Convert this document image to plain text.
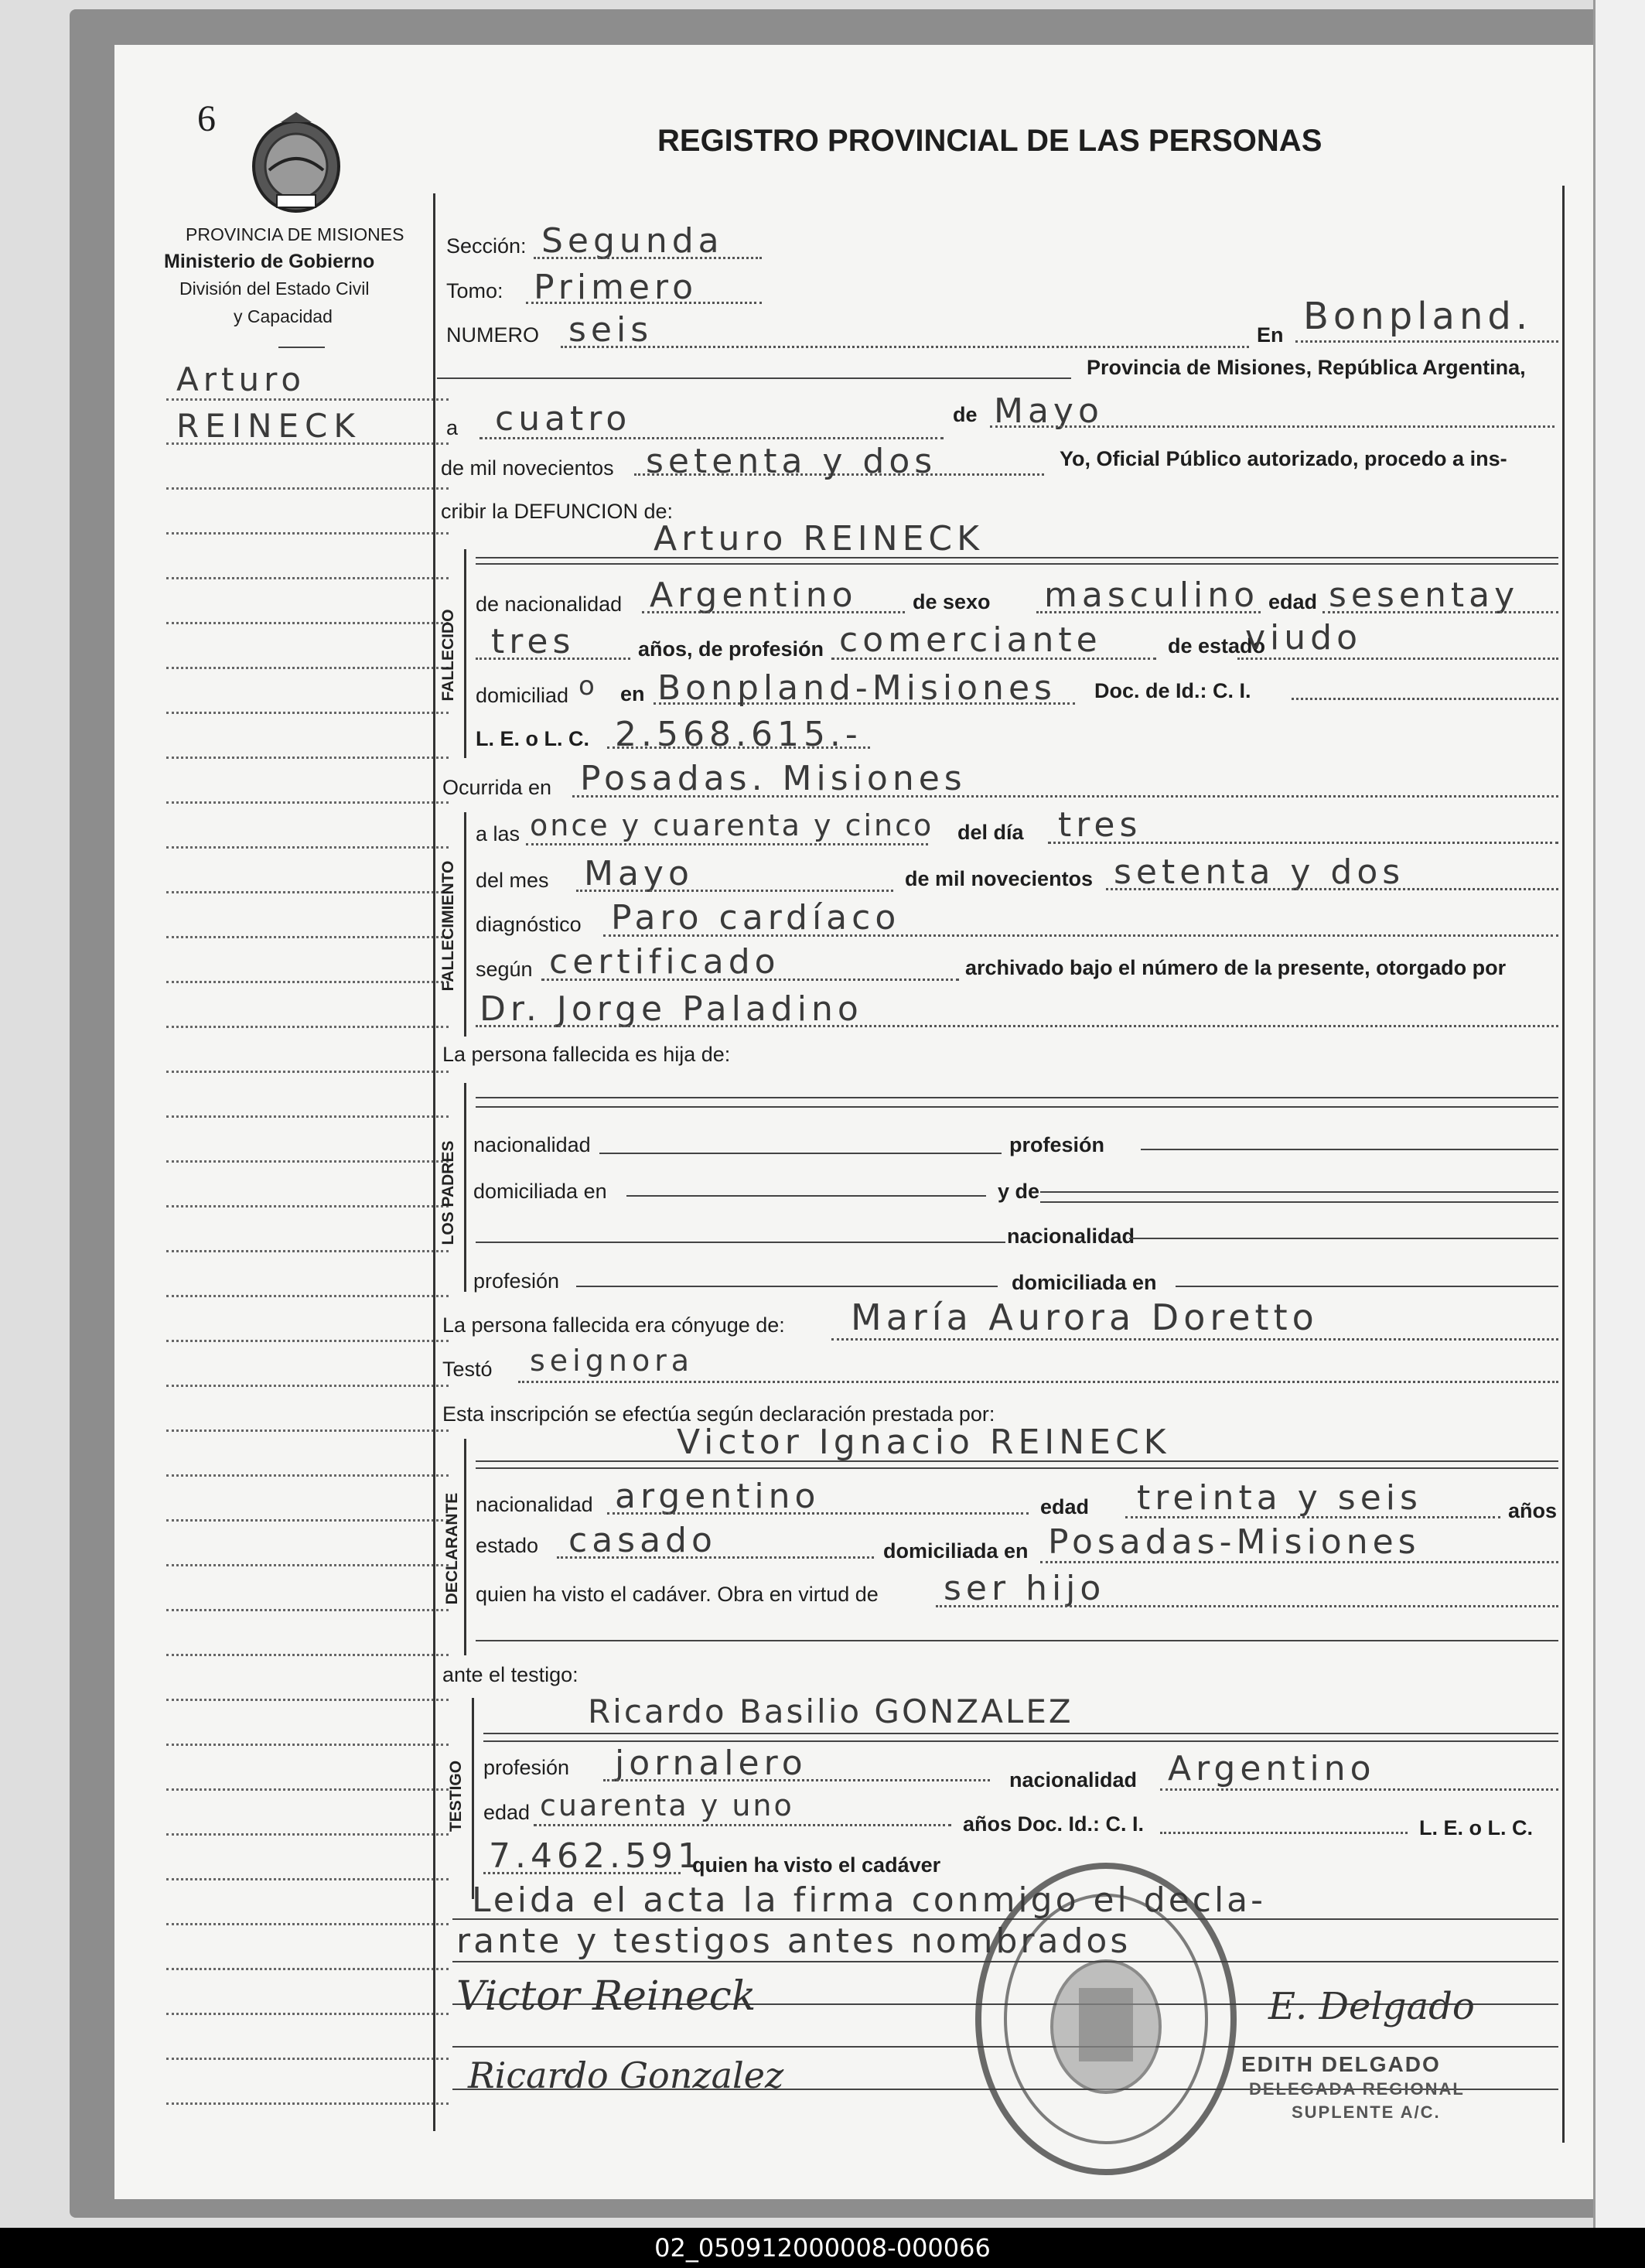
6
REGISTRO PROVINCIAL DE LAS PERSONAS
PROVINCIA DE MISIONES
Ministerio de Gobierno
División del Estado Civil
y Capacidad
Arturo
REINECK
Sección: Segunda
Tomo: Primero
NUMERO seis	En Bonpland.
Provincia de Misiones, República Argentina,
a cuatro	de Mayo
de mil novecientos setenta y dos	Yo, Oficial Público autorizado, procedo a ins-
cribir la DEFUNCION de:
FALLECIDO
Arturo REINECK
de nacionalidad Argentino	de sexo masculino edad sesentay
tres	años, de profesión comerciante	de estado
viudo
domiciliad o en Bonpland-Misiones Doc. de Id.: C. I.
L. E. o L. C. 2.568.615.-
Ocurrida en Posadas. Misiones
FALLECIMIENTO
a las once y cuarenta y cinco del día tres
del mes Mayo	de mil novecientos setenta y dos
diagnóstico Paro cardíaco
según certificado	archivado bajo el número de la presente, otorgado por
Dr. Jorge Paladino
La persona fallecida es hija de:
LOS PADRES nacionalidad	profesión
domiciliada en	y de
nacionalidad
profesión	domiciliada en
La persona fallecida era cónyuge de: María Aurora Doretto
Testó seignora
Esta inscripción se efectúa según declaración prestada por:
DECLARANTE
Victor Ignacio REINECK
nacionalidad argentino	edad treinta y seis	años
estado casado	domiciliada en Posadas-Misiones
quien ha visto el cadáver. Obra en virtud de ser hijo
ante el testigo:
TESTIGO
Ricardo Basilio GONZALEZ
profesión jornalero	nacionalidad Argentino
edad cuarenta y uno
años Doc. Id.: C. I.	L. E. o L. C.
7.462.591
quien ha visto el cadáver
Leida el acta la firma conmigo el decla-
rante y testigos antes nombrados
Victor Reineck
Ricardo Gonzalez
E. Delgado
EDITH DELGADO
DELEGADA REGIONAL
SUPLENTE A/C.
02_050912000008-000066
